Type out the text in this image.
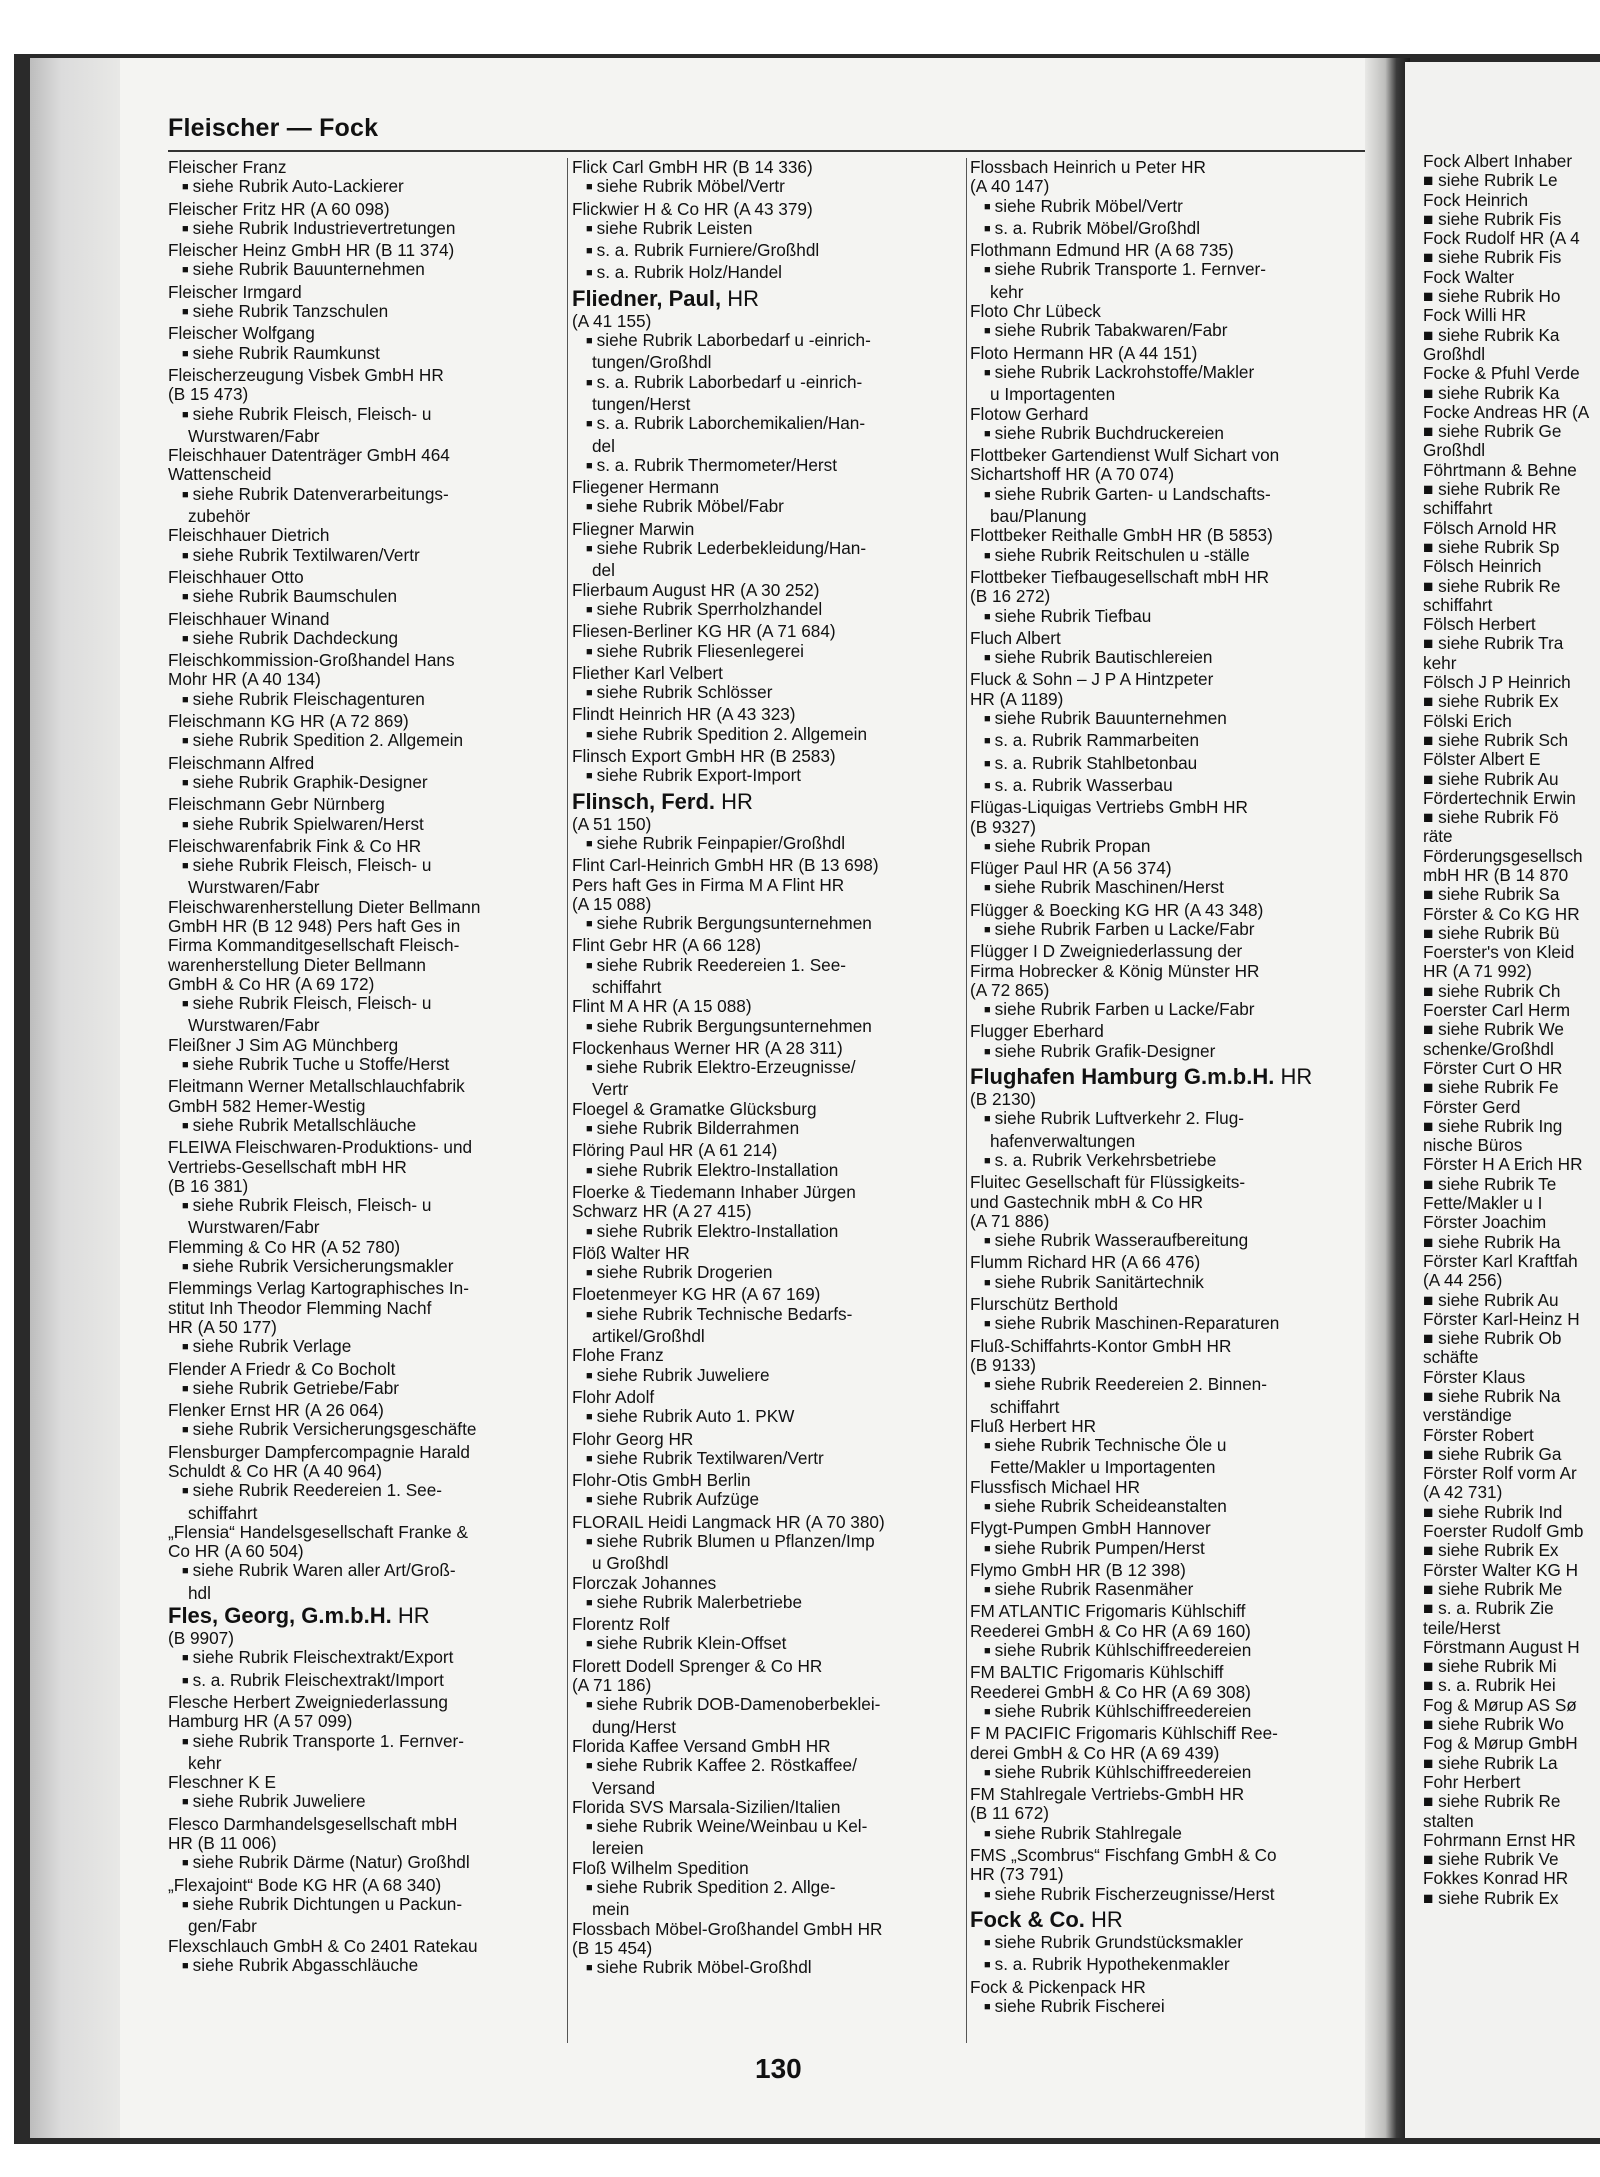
Fleischer — Fock
Fleischer Franz
■ siehe Rubrik Auto-Lackierer
Fleischer Fritz HR (A 60 098)
■ siehe Rubrik Industrievertretungen
Fleischer Heinz GmbH HR (B 11 374)
■ siehe Rubrik Bauunternehmen
Fleischer Irmgard
■ siehe Rubrik Tanzschulen
Fleischer Wolfgang
■ siehe Rubrik Raumkunst
Fleischerzeugung Visbek GmbH HR
(B 15 473)
■ siehe Rubrik Fleisch, Fleisch- u
Wurstwaren/Fabr
Fleischhauer Datenträger GmbH 464
Wattenscheid
■ siehe Rubrik Datenverarbeitungs-
zubehör
Fleischhauer Dietrich
■ siehe Rubrik Textilwaren/Vertr
Fleischhauer Otto
■ siehe Rubrik Baumschulen
Fleischhauer Winand
■ siehe Rubrik Dachdeckung
Fleischkommission-Großhandel Hans
Mohr HR (A 40 134)
■ siehe Rubrik Fleischagenturen
Fleischmann KG HR (A 72 869)
■ siehe Rubrik Spedition 2. Allgemein
Fleischmann Alfred
■ siehe Rubrik Graphik-Designer
Fleischmann Gebr Nürnberg
■ siehe Rubrik Spielwaren/Herst
Fleischwarenfabrik Fink & Co HR
■ siehe Rubrik Fleisch, Fleisch- u
Wurstwaren/Fabr
Fleischwarenherstellung Dieter Bellmann
GmbH HR (B 12 948) Pers haft Ges in
Firma Kommanditgesellschaft Fleisch-
warenherstellung Dieter Bellmann
GmbH & Co HR (A 69 172)
■ siehe Rubrik Fleisch, Fleisch- u
Wurstwaren/Fabr
Fleißner J Sim AG Münchberg
■ siehe Rubrik Tuche u Stoffe/Herst
Fleitmann Werner Metallschlauchfabrik
GmbH 582 Hemer-Westig
■ siehe Rubrik Metallschläuche
FLEIWA Fleischwaren-Produktions- und
Vertriebs-Gesellschaft mbH HR
(B 16 381)
■ siehe Rubrik Fleisch, Fleisch- u
Wurstwaren/Fabr
Flemming & Co HR (A 52 780)
■ siehe Rubrik Versicherungsmakler
Flemmings Verlag Kartographisches In-
stitut Inh Theodor Flemming Nachf
HR (A 50 177)
■ siehe Rubrik Verlage
Flender A Friedr & Co Bocholt
■ siehe Rubrik Getriebe/Fabr
Flenker Ernst HR (A 26 064)
■ siehe Rubrik Versicherungsgeschäfte
Flensburger Dampfercompagnie Harald
Schuldt & Co HR (A 40 964)
■ siehe Rubrik Reedereien 1. See-
schiffahrt
„Flensia“ Handelsgesellschaft Franke &
Co HR (A 60 504)
■ siehe Rubrik Waren aller Art/Groß-
hdl
Fles, Georg, G.m.b.H. HR
(B 9907)
■ siehe Rubrik Fleischextrakt/Export
■ s. a. Rubrik Fleischextrakt/Import
Flesche Herbert Zweigniederlassung
Hamburg HR (A 57 099)
■ siehe Rubrik Transporte 1. Fernver-
kehr
Fleschner K E
■ siehe Rubrik Juweliere
Flesco Darmhandelsgesellschaft mbH
HR (B 11 006)
■ siehe Rubrik Därme (Natur) Großhdl
„Flexajoint“ Bode KG HR (A 68 340)
■ siehe Rubrik Dichtungen u Packun-
gen/Fabr
Flexschlauch GmbH & Co 2401 Ratekau
■ siehe Rubrik Abgasschläuche
Flick Carl GmbH HR (B 14 336)
■ siehe Rubrik Möbel/Vertr
Flickwier H & Co HR (A 43 379)
■ siehe Rubrik Leisten
■ s. a. Rubrik Furniere/Großhdl
■ s. a. Rubrik Holz/Handel
Fliedner, Paul, HR
(A 41 155)
■ siehe Rubrik Laborbedarf u -einrich-
tungen/Großhdl
■ s. a. Rubrik Laborbedarf u -einrich-
tungen/Herst
■ s. a. Rubrik Laborchemikalien/Han-
del
■ s. a. Rubrik Thermometer/Herst
Fliegener Hermann
■ siehe Rubrik Möbel/Fabr
Fliegner Marwin
■ siehe Rubrik Lederbekleidung/Han-
del
Flierbaum August HR (A 30 252)
■ siehe Rubrik Sperrholzhandel
Fliesen-Berliner KG HR (A 71 684)
■ siehe Rubrik Fliesenlegerei
Fliether Karl Velbert
■ siehe Rubrik Schlösser
Flindt Heinrich HR (A 43 323)
■ siehe Rubrik Spedition 2. Allgemein
Flinsch Export GmbH HR (B 2583)
■ siehe Rubrik Export-Import
Flinsch, Ferd. HR
(A 51 150)
■ siehe Rubrik Feinpapier/Großhdl
Flint Carl-Heinrich GmbH HR (B 13 698)
Pers haft Ges in Firma M A Flint HR
(A 15 088)
■ siehe Rubrik Bergungsunternehmen
Flint Gebr HR (A 66 128)
■ siehe Rubrik Reedereien 1. See-
schiffahrt
Flint M A HR (A 15 088)
■ siehe Rubrik Bergungsunternehmen
Flockenhaus Werner HR (A 28 311)
■ siehe Rubrik Elektro-Erzeugnisse/
Vertr
Floegel & Gramatke Glücksburg
■ siehe Rubrik Bilderrahmen
Flöring Paul HR (A 61 214)
■ siehe Rubrik Elektro-Installation
Floerke & Tiedemann Inhaber Jürgen
Schwarz HR (A 27 415)
■ siehe Rubrik Elektro-Installation
Flöß Walter HR
■ siehe Rubrik Drogerien
Floetenmeyer KG HR (A 67 169)
■ siehe Rubrik Technische Bedarfs-
artikel/Großhdl
Flohe Franz
■ siehe Rubrik Juweliere
Flohr Adolf
■ siehe Rubrik Auto 1. PKW
Flohr Georg HR
■ siehe Rubrik Textilwaren/Vertr
Flohr-Otis GmbH Berlin
■ siehe Rubrik Aufzüge
FLORAIL Heidi Langmack HR (A 70 380)
■ siehe Rubrik Blumen u Pflanzen/Imp
u Großhdl
Florczak Johannes
■ siehe Rubrik Malerbetriebe
Florentz Rolf
■ siehe Rubrik Klein-Offset
Florett Dodell Sprenger & Co HR
(A 71 186)
■ siehe Rubrik DOB-Damenoberbeklei-
dung/Herst
Florida Kaffee Versand GmbH HR
■ siehe Rubrik Kaffee 2. Röstkaffee/
Versand
Florida SVS Marsala-Sizilien/Italien
■ siehe Rubrik Weine/Weinbau u Kel-
lereien
Floß Wilhelm Spedition
■ siehe Rubrik Spedition 2. Allge-
mein
Flossbach Möbel-Großhandel GmbH HR
(B 15 454)
■ siehe Rubrik Möbel-Großhdl
Flossbach Heinrich u Peter HR
(A 40 147)
■ siehe Rubrik Möbel/Vertr
■ s. a. Rubrik Möbel/Großhdl
Flothmann Edmund HR (A 68 735)
■ siehe Rubrik Transporte 1. Fernver-
kehr
Floto Chr Lübeck
■ siehe Rubrik Tabakwaren/Fabr
Floto Hermann HR (A 44 151)
■ siehe Rubrik Lackrohstoffe/Makler
u Importagenten
Flotow Gerhard
■ siehe Rubrik Buchdruckereien
Flottbeker Gartendienst Wulf Sichart von
Sichartshoff HR (A 70 074)
■ siehe Rubrik Garten- u Landschafts-
bau/Planung
Flottbeker Reithalle GmbH HR (B 5853)
■ siehe Rubrik Reitschulen u -ställe
Flottbeker Tiefbaugesellschaft mbH HR
(B 16 272)
■ siehe Rubrik Tiefbau
Fluch Albert
■ siehe Rubrik Bautischlereien
Fluck & Sohn – J P A Hintzpeter
HR (A 1189)
■ siehe Rubrik Bauunternehmen
■ s. a. Rubrik Rammarbeiten
■ s. a. Rubrik Stahlbetonbau
■ s. a. Rubrik Wasserbau
Flügas-Liquigas Vertriebs GmbH HR
(B 9327)
■ siehe Rubrik Propan
Flüger Paul HR (A 56 374)
■ siehe Rubrik Maschinen/Herst
Flügger & Boecking KG HR (A 43 348)
■ siehe Rubrik Farben u Lacke/Fabr
Flügger I D Zweigniederlassung der
Firma Hobrecker & König Münster HR
(A 72 865)
■ siehe Rubrik Farben u Lacke/Fabr
Flugger Eberhard
■ siehe Rubrik Grafik-Designer
Flughafen Hamburg G.m.b.H. HR
(B 2130)
■ siehe Rubrik Luftverkehr 2. Flug-
hafenverwaltungen
■ s. a. Rubrik Verkehrsbetriebe
Fluitec Gesellschaft für Flüssigkeits-
und Gastechnik mbH & Co HR
(A 71 886)
■ siehe Rubrik Wasseraufbereitung
Flumm Richard HR (A 66 476)
■ siehe Rubrik Sanitärtechnik
Flurschütz Berthold
■ siehe Rubrik Maschinen-Reparaturen
Fluß-Schiffahrts-Kontor GmbH HR
(B 9133)
■ siehe Rubrik Reedereien 2. Binnen-
schiffahrt
Fluß Herbert HR
■ siehe Rubrik Technische Öle u
Fette/Makler u Importagenten
Flussfisch Michael HR
■ siehe Rubrik Scheideanstalten
Flygt-Pumpen GmbH Hannover
■ siehe Rubrik Pumpen/Herst
Flymo GmbH HR (B 12 398)
■ siehe Rubrik Rasenmäher
FM ATLANTIC Frigomaris Kühlschiff
Reederei GmbH & Co HR (A 69 160)
■ siehe Rubrik Kühlschiffreedereien
FM BALTIC Frigomaris Kühlschiff
Reederei GmbH & Co HR (A 69 308)
■ siehe Rubrik Kühlschiffreedereien
F M PACIFIC Frigomaris Kühlschiff Ree-
derei GmbH & Co HR (A 69 439)
■ siehe Rubrik Kühlschiffreedereien
FM Stahlregale Vertriebs-GmbH HR
(B 11 672)
■ siehe Rubrik Stahlregale
FMS „Scombrus“ Fischfang GmbH & Co
HR (73 791)
■ siehe Rubrik Fischerzeugnisse/Herst
Fock & Co. HR
■ siehe Rubrik Grundstücksmakler
■ s. a. Rubrik Hypothekenmakler
Fock & Pickenpack HR
■ siehe Rubrik Fischerei
130
Fock Albert Inhaber
■ siehe Rubrik Le
Fock Heinrich
■ siehe Rubrik Fis
Fock Rudolf HR (A 4
■ siehe Rubrik Fis
Fock Walter
■ siehe Rubrik Ho
Fock Willi HR
■ siehe Rubrik Ka
Großhdl
Focke & Pfuhl Verde
■ siehe Rubrik Ka
Focke Andreas HR (A
■ siehe Rubrik Ge
Großhdl
Föhrtmann & Behne
■ siehe Rubrik Re
schiffahrt
Fölsch Arnold HR
■ siehe Rubrik Sp
Fölsch Heinrich
■ siehe Rubrik Re
schiffahrt
Fölsch Herbert
■ siehe Rubrik Tra
kehr
Fölsch J P Heinrich
■ siehe Rubrik Ex
Fölski Erich
■ siehe Rubrik Sch
Fölster Albert E
■ siehe Rubrik Au
Fördertechnik Erwin
■ siehe Rubrik Fö
räte
Förderungsgesellsch
mbH HR (B 14 870
■ siehe Rubrik Sa
Förster & Co KG HR
■ siehe Rubrik Bü
Foerster's von Kleid
HR (A 71 992)
■ siehe Rubrik Ch
Foerster Carl Herm
■ siehe Rubrik We
schenke/Großhdl
Förster Curt O HR
■ siehe Rubrik Fe
Förster Gerd
■ siehe Rubrik Ing
nische Büros
Förster H A Erich HR
■ siehe Rubrik Te
Fette/Makler u I
Förster Joachim
■ siehe Rubrik Ha
Förster Karl Kraftfah
(A 44 256)
■ siehe Rubrik Au
Förster Karl-Heinz H
■ siehe Rubrik Ob
schäfte
Förster Klaus
■ siehe Rubrik Na
verständige
Förster Robert
■ siehe Rubrik Ga
Förster Rolf vorm Ar
(A 42 731)
■ siehe Rubrik Ind
Foerster Rudolf Gmb
■ siehe Rubrik Ex
Förster Walter KG H
■ siehe Rubrik Me
■ s. a. Rubrik Zie
teile/Herst
Förstmann August H
■ siehe Rubrik Mi
■ s. a. Rubrik Hei
Fog & Mørup AS Sø
■ siehe Rubrik Wo
Fog & Mørup GmbH
■ siehe Rubrik La
Fohr Herbert
■ siehe Rubrik Re
stalten
Fohrmann Ernst HR
■ siehe Rubrik Ve
Fokkes Konrad HR
■ siehe Rubrik Ex
